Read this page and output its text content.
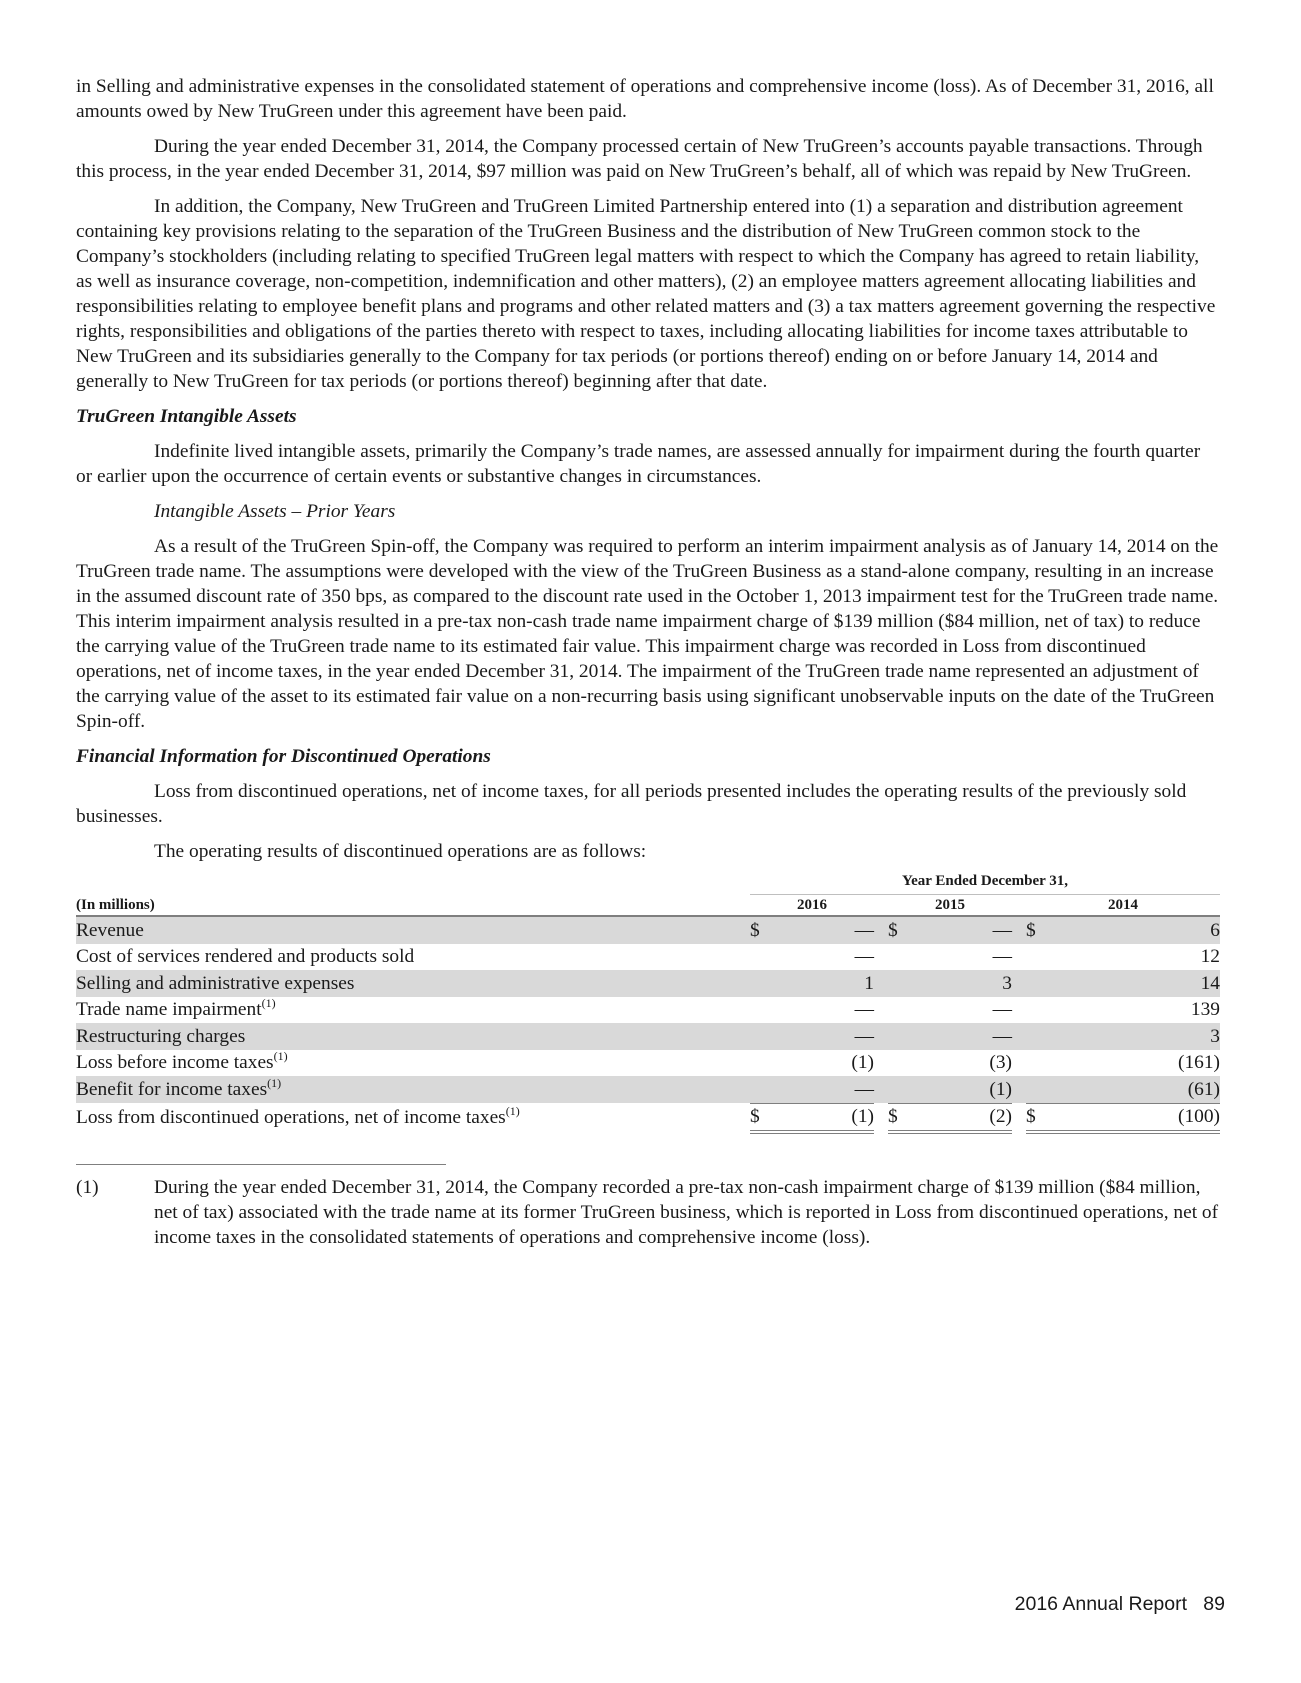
in Selling and administrative expenses in the consolidated statement of operations and comprehensive income (loss). As of December 31, 2016, all amounts owed by New TruGreen under this agreement have been paid.

During the year ended December 31, 2014, the Company processed certain of New TruGreen’s accounts payable transactions. Through this process, in the year ended December 31, 2014, $97 million was paid on New TruGreen’s behalf, all of which was repaid by New TruGreen.

In addition, the Company, New TruGreen and TruGreen Limited Partnership entered into (1) a separation and distribution agreement containing key provisions relating to the separation of the TruGreen Business and the distribution of New TruGreen common stock to the Company’s stockholders (including relating to specified TruGreen legal matters with respect to which the Company has agreed to retain liability, as well as insurance coverage, non-competition, indemnification and other matters), (2) an employee matters agreement allocating liabilities and responsibilities relating to employee benefit plans and programs and other related matters and (3) a tax matters agreement governing the respective rights, responsibilities and obligations of the parties thereto with respect to taxes, including allocating liabilities for income taxes attributable to New TruGreen and its subsidiaries generally to the Company for tax periods (or portions thereof) ending on or before January 14, 2014 and generally to New TruGreen for tax periods (or portions thereof) beginning after that date.

TruGreen Intangible Assets

Indefinite lived intangible assets, primarily the Company’s trade names, are assessed annually for impairment during the fourth quarter or earlier upon the occurrence of certain events or substantive changes in circumstances.

Intangible Assets – Prior Years

As a result of the TruGreen Spin-off, the Company was required to perform an interim impairment analysis as of January 14, 2014 on the TruGreen trade name. The assumptions were developed with the view of the TruGreen Business as a stand-alone company, resulting in an increase in the assumed discount rate of 350 bps, as compared to the discount rate used in the October 1, 2013 impairment test for the TruGreen trade name. This interim impairment analysis resulted in a pre-tax non-cash trade name impairment charge of $139 million ($84 million, net of tax) to reduce the carrying value of the TruGreen trade name to its estimated fair value. This impairment charge was recorded in Loss from discontinued operations, net of income taxes, in the year ended December 31, 2014. The impairment of the TruGreen trade name represented an adjustment of the carrying value of the asset to its estimated fair value on a non-recurring basis using significant unobservable inputs on the date of the TruGreen Spin-off.

Financial Information for Discontinued Operations

Loss from discontinued operations, net of income taxes, for all periods presented includes the operating results of the previously sold businesses.

The operating results of discontinued operations are as follows:

	Year Ended December 31,							
(In millions)	2016			2015			2014	
Revenue	$	—		$	—		$	6
Cost of services rendered and products sold		—			—			12
Selling and administrative expenses		1			3			14
Trade name impairment$^{(1)}$		—			—			139
Restructuring charges		—			—			3
Loss before income taxes$^{(1)}$		(1)			(3)			(161)
Benefit for income taxes$^{(1)}$		—			(1)			(61)
Loss from discontinued operations, net of income taxes$^{(1)}$	$	(1)		$	(2)		$	(100)
(1)	During the year ended December 31, 2014, the Company recorded a pre-tax non-cash impairment charge of $139 million ($84 million, net of tax) associated with the trade name at its former TruGreen business, which is reported in Loss from discontinued operations, net of income taxes in the consolidated statements of operations and comprehensive income (loss).
2016 Annual Report 89
